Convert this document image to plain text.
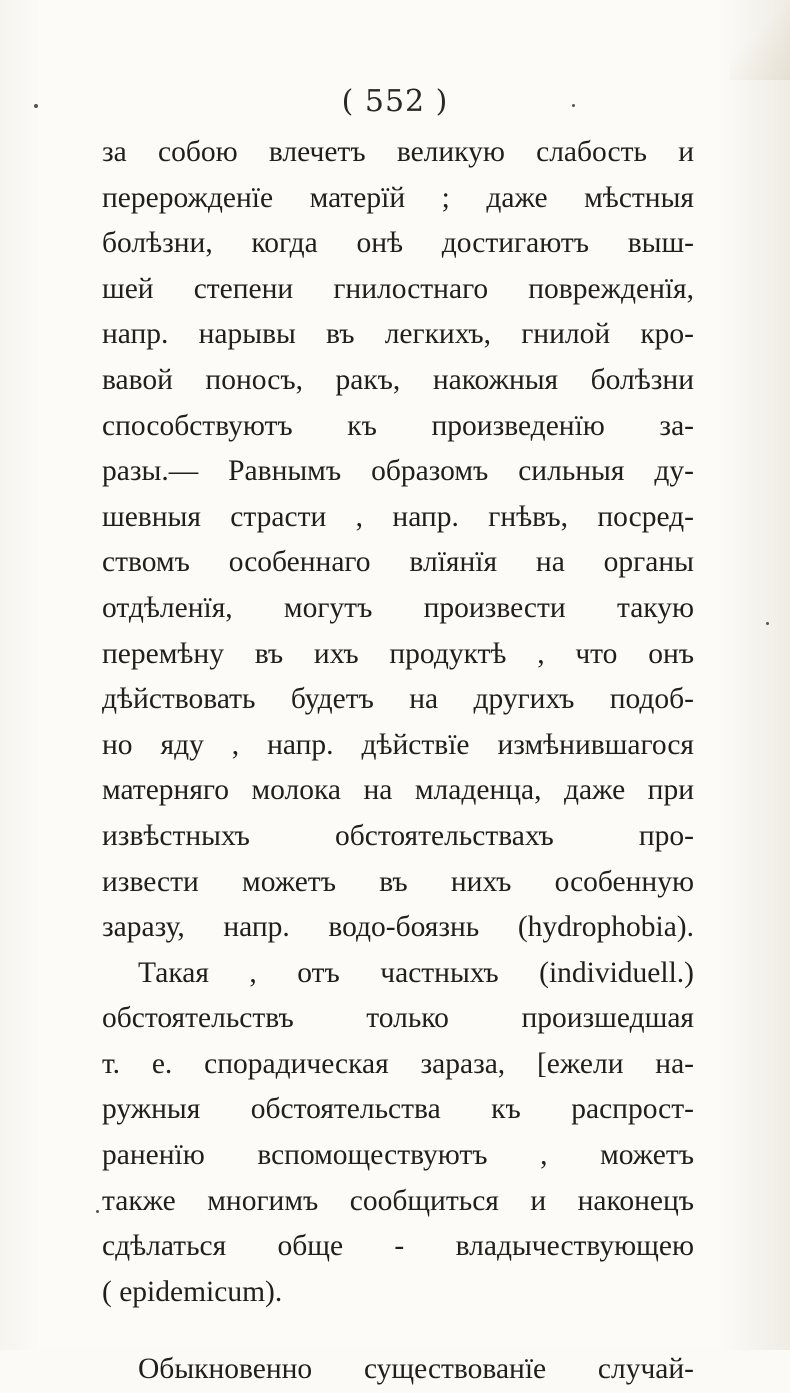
( 552 )
за собою влечетъ великую слабость и
перерожденїе матерїй ; даже мѣстныя
болѣзни, когда онѣ достигаютъ выш-
шей степени гнилостнаго поврежденїя,
напр. нарывы въ легкихъ, гнилой кро-
вавой поносъ, ракъ, накожныя болѣзни
способствуютъ къ произведенїю за-
разы.— Равнымъ образомъ сильныя ду-
шевныя страсти , напр. гнѣвъ, посред-
ствомъ особеннаго влїянїя на органы
отдѣленїя, могутъ произвести такую
перемѣну въ ихъ продуктѣ , что онъ
дѣйствовать будетъ на другихъ подоб-
но яду , напр. дѣйствїе измѣнившагося
матерняго молока на младенца, даже при
извѣстныхъ обстоятельствахъ про-
извести можетъ въ нихъ особенную
заразу, напр. водо-боязнь (hydrophobia).
Такая , отъ частныхъ (individuell.)
обстоятельствъ только произшедшая
т. е. спорадическая зараза, [ежели на-
ружныя обстоятельства къ распрост-
раненїю вспомоществуютъ , можетъ
также многимъ сообщиться и наконецъ
сдѣлаться обще - владычествующею
( epidemicum).
Обыкновенно существованїе случай-
